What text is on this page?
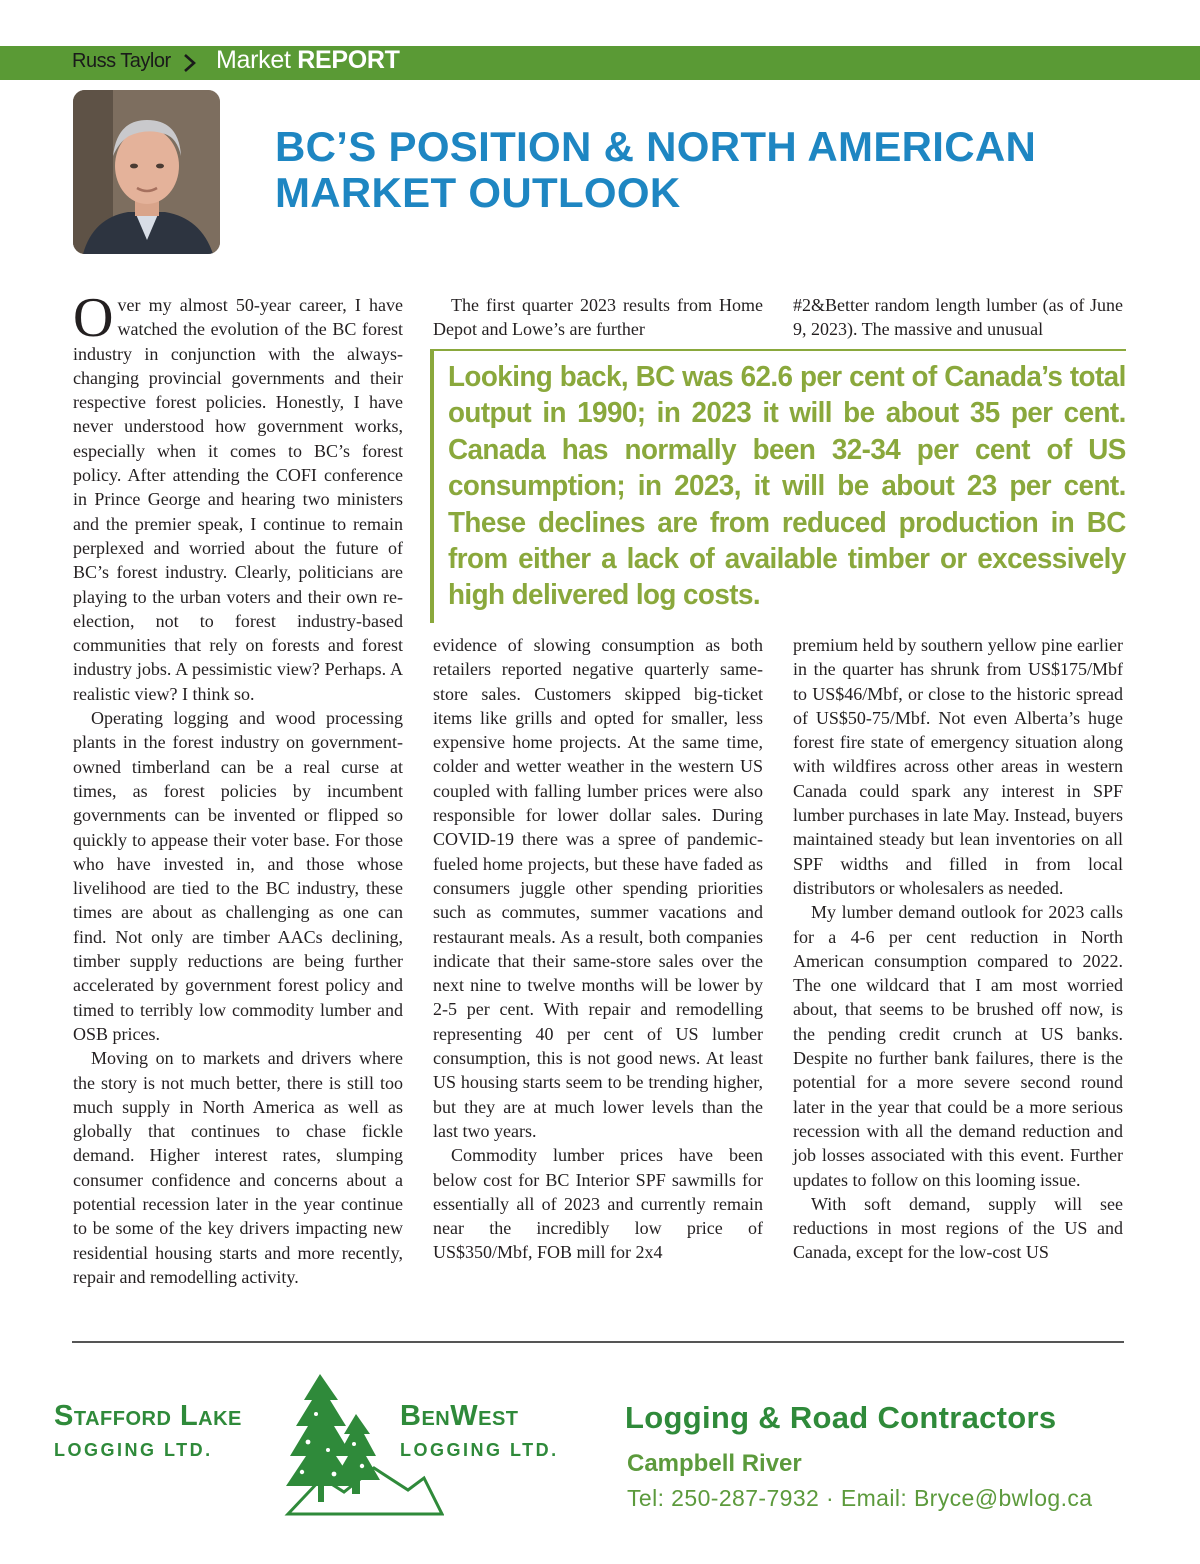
Russ Taylor Market REPORT
BC’S POSITION & NORTH AMERICAN
MARKET OUTLOOK

Over my almost 50-year career, I have watched the evolution of the BC forest industry in conjunction with the always-changing provincial governments and their respective forest policies. Honestly, I have never understood how government works, especially when it comes to BC’s forest policy. After attending the COFI conference in Prince George and hearing two ministers and the premier speak, I continue to remain perplexed and worried about the future of BC’s forest industry. Clearly, politicians are playing to the urban voters and their own re-election, not to forest industry-based communities that rely on forests and forest industry jobs. A pessimistic view? Perhaps. A realistic view? I think so.

Operating logging and wood processing plants in the forest industry on government-owned timberland can be a real curse at times, as forest policies by incumbent governments can be invented or flipped so quickly to appease their voter base. For those who have invested in, and those whose livelihood are tied to the BC industry, these times are about as challenging as one can find. Not only are timber AACs declining, timber supply reductions are being further accelerated by government forest policy and timed to terribly low commodity lumber and OSB prices.

Moving on to markets and drivers where the story is not much better, there is still too much supply in North America as well as globally that continues to chase fickle demand. Higher interest rates, slumping consumer confidence and concerns about a potential recession later in the year continue to be some of the key drivers impacting new residential housing starts and more recently, repair and remodelling activity.

The first quarter 2023 results from Home Depot and Lowe’s are further

#2&Better random length lumber (as of June 9, 2023). The massive and unusual

Looking back, BC was 62.6 per cent of Canada’s total output in 1990; in 2023 it will be about 35 per cent. Canada has normally been 32-34 per cent of US consumption; in 2023, it will be about 23 per cent. These declines are from reduced production in BC from either a lack of available timber or excessively high delivered log costs.

evidence of slowing consumption as both retailers reported negative quarterly same-store sales. Customers skipped big-ticket items like grills and opted for smaller, less expensive home projects. At the same time, colder and wetter weather in the western US coupled with falling lumber prices were also responsible for lower dollar sales. During COVID-19 there was a spree of pandemic-fueled home projects, but these have faded as consumers juggle other spending priorities such as commutes, summer vacations and restaurant meals. As a result, both companies indicate that their same-store sales over the next nine to twelve months will be lower by 2-5 per cent. With repair and remodelling representing 40 per cent of US lumber consumption, this is not good news. At least US housing starts seem to be trending higher, but they are at much lower levels than the last two years.

Commodity lumber prices have been below cost for BC Interior SPF sawmills for essentially all of 2023 and currently remain near the incredibly low price of US$350/Mbf, FOB mill for 2x4

premium held by southern yellow pine earlier in the quarter has shrunk from US$175/Mbf to US$46/Mbf, or close to the historic spread of US$50-75/Mbf. Not even Alberta’s huge forest fire state of emergency situation along with wildfires across other areas in western Canada could spark any interest in SPF lumber purchases in late May. Instead, buyers maintained steady but lean inventories on all SPF widths and filled in from local distributors or wholesalers as needed.

My lumber demand outlook for 2023 calls for a 4-6 per cent reduction in North American consumption compared to 2022. The one wildcard that I am most worried about, that seems to be brushed off now, is the pending credit crunch at US banks. Despite no further bank failures, there is the potential for a more severe second round later in the year that could be a more serious recession with all the demand reduction and job losses associated with this event. Further updates to follow on this looming issue.

With soft demand, supply will see reductions in most regions of the US and Canada, except for the low-cost US

Stafford Lake
LOGGING LTD.
BenWest
LOGGING LTD.
Logging & Road Contractors
Campbell River
Tel: 250-287-7932 · Email: Bryce@bwlog.ca
